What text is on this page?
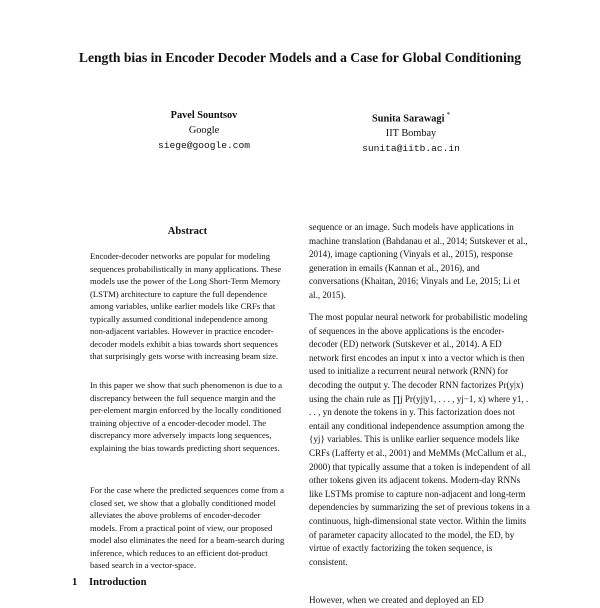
Length bias in Encoder Decoder Models and a Case for Global Conditioning
Pavel Sountsov
Google
siege@google.com
Sunita Sarawagi *
IIT Bombay
sunita@iitb.ac.in
Abstract

Encoder-decoder networks are popular for modeling sequences probabilistically in many applications. These models use the power of the Long Short-Term Memory (LSTM) architecture to capture the full dependence among variables, unlike earlier models like CRFs that typically assumed conditional independence among non-adjacent variables. However in practice encoder-decoder models exhibit a bias towards short sequences that surprisingly gets worse with increasing beam size.

In this paper we show that such phenomenon is due to a discrepancy between the full sequence margin and the per-element margin enforced by the locally conditioned training objective of a encoder-decoder model. The discrepancy more adversely impacts long sequences, explaining the bias towards predicting short sequences.

For the case where the predicted sequences come from a closed set, we show that a globally conditioned model alleviates the above problems of encoder-decoder models. From a practical point of view, our proposed model also eliminates the need for a beam-search during inference, which reduces to an efficient dot-product based search in a vector-space.

1 Introduction

sequence or an image. Such models have applications in machine translation (Bahdanau et al., 2014; Sutskever et al., 2014), image captioning (Vinyals et al., 2015), response generation in emails (Kannan et al., 2016), and conversations (Khaitan, 2016; Vinyals and Le, 2015; Li et al., 2015).

The most popular neural network for probabilistic modeling of sequences in the above applications is the encoder-decoder (ED) network (Sutskever et al., 2014). A ED network first encodes an input x into a vector which is then used to initialize a recurrent neural network (RNN) for decoding the output y. The decoder RNN factorizes Pr(y|x) using the chain rule as ∏j Pr(yj|y1, . . . , yj−1, x) where y1, . . . , yn denote the tokens in y. This factorization does not entail any conditional independence assumption among the {yj} variables. This is unlike earlier sequence models like CRFs (Lafferty et al., 2001) and MeMMs (McCallum et al., 2000) that typically assume that a token is independent of all other tokens given its adjacent tokens. Modern-day RNNs like LSTMs promise to capture non-adjacent and long-term dependencies by summarizing the set of previous tokens in a continuous, high-dimensional state vector. Within the limits of parameter capacity allocated to the model, the ED, by virtue of exactly factorizing the token sequence, is consistent.

However, when we created and deployed an ED
